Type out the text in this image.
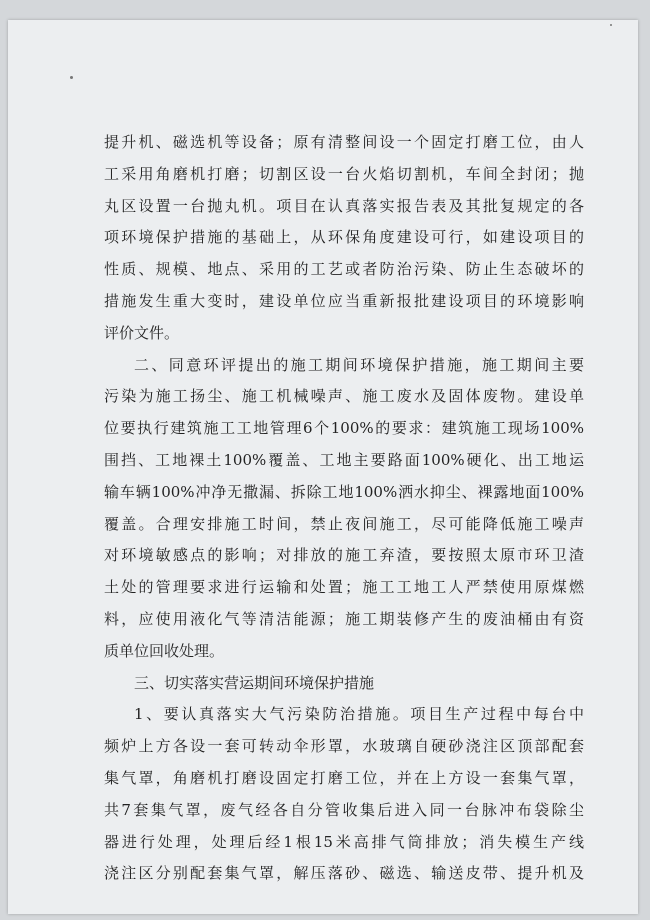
提升机、磁选机等设备；原有清整间设一个固定打磨工位，由人
工采用角磨机打磨；切割区设一台火焰切割机，车间全封闭；抛
丸区设置一台抛丸机。项目在认真落实报告表及其批复规定的各
项环境保护措施的基础上，从环保角度建设可行，如建设项目的
性质、规模、地点、采用的工艺或者防治污染、防止生态破坏的
措施发生重大变时，建设单位应当重新报批建设项目的环境影响
评价文件。
二、同意环评提出的施工期间环境保护措施，施工期间主要
污染为施工扬尘、施工机械噪声、施工废水及固体废物。建设单
位要执行建筑施工工地管理6个100%的要求：建筑施工现场100%
围挡、工地裸土100%覆盖、工地主要路面100%硬化、出工地运
输车辆100%冲净无撒漏、拆除工地100%洒水抑尘、裸露地面100%
覆盖。合理安排施工时间，禁止夜间施工，尽可能降低施工噪声
对环境敏感点的影响；对排放的施工弃渣，要按照太原市环卫渣
土处的管理要求进行运输和处置；施工工地工人严禁使用原煤燃
料，应使用液化气等清洁能源；施工期装修产生的废油桶由有资
质单位回收处理。
三、切实落实营运期间环境保护措施
1、要认真落实大气污染防治措施。项目生产过程中每台中
频炉上方各设一套可转动伞形罩，水玻璃自硬砂浇注区顶部配套
集气罩，角磨机打磨设固定打磨工位，并在上方设一套集气罩，
共7套集气罩，废气经各自分管收集后进入同一台脉冲布袋除尘
器进行处理，处理后经1根15米高排气筒排放；消失模生产线
浇注区分别配套集气罩，解压落砂、磁选、输送皮带、提升机及
